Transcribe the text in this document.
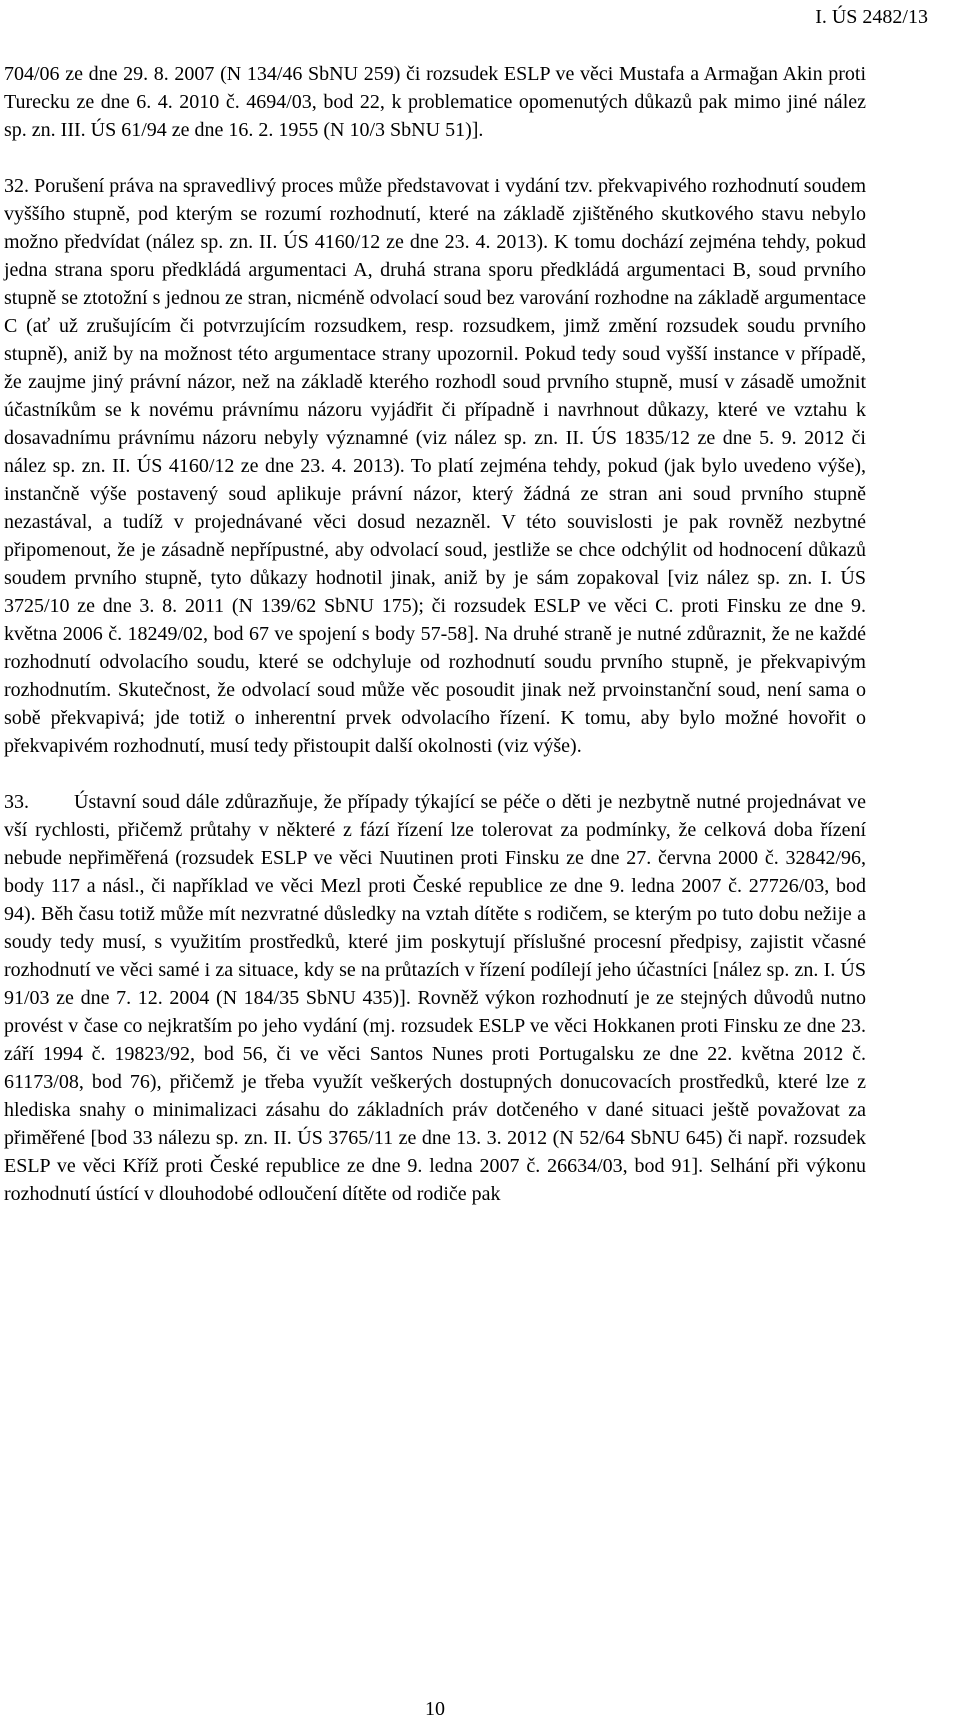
I. ÚS 2482/13

704/06 ze dne 29. 8. 2007 (N 134/46 SbNU 259) či rozsudek ESLP ve věci Mustafa a Armağan Akin proti Turecku ze dne 6. 4. 2010 č. 4694/03, bod 22, k problematice opomenutých důkazů pak mimo jiné nález sp. zn. III. ÚS 61/94 ze dne 16. 2. 1955 (N 10/3 SbNU 51)].

32. Porušení práva na spravedlivý proces může představovat i vydání tzv. překvapivého rozhodnutí soudem vyššího stupně, pod kterým se rozumí rozhodnutí, které na základě zjištěného skutkového stavu nebylo možno předvídat (nález sp. zn. II. ÚS 4160/12 ze dne 23. 4. 2013). K tomu dochází zejména tehdy, pokud jedna strana sporu předkládá argumentaci A, druhá strana sporu předkládá argumentaci B, soud prvního stupně se ztotožní s jednou ze stran, nicméně odvolací soud bez varování rozhodne na základě argumentace C (ať už zrušujícím či potvrzujícím rozsudkem, resp. rozsudkem, jimž změní rozsudek soudu prvního stupně), aniž by na možnost této argumentace strany upozornil. Pokud tedy soud vyšší instance v případě, že zaujme jiný právní názor, než na základě kterého rozhodl soud prvního stupně, musí v zásadě umožnit účastníkům se k novému právnímu názoru vyjádřit či případně i navrhnout důkazy, které ve vztahu k dosavadnímu právnímu názoru nebyly významné (viz nález sp. zn. II. ÚS 1835/12 ze dne 5. 9. 2012 či nález sp. zn. II. ÚS 4160/12 ze dne 23. 4. 2013). To platí zejména tehdy, pokud (jak bylo uvedeno výše), instančně výše postavený soud aplikuje právní názor, který žádná ze stran ani soud prvního stupně nezastával, a tudíž v projednávané věci dosud nezazněl. V této souvislosti je pak rovněž nezbytné připomenout, že je zásadně nepřípustné, aby odvolací soud, jestliže se chce odchýlit od hodnocení důkazů soudem prvního stupně, tyto důkazy hodnotil jinak, aniž by je sám zopakoval [viz nález sp. zn. I. ÚS 3725/10 ze dne 3. 8. 2011 (N 139/62 SbNU 175); či rozsudek ESLP ve věci C. proti Finsku ze dne 9. května 2006 č. 18249/02, bod 67 ve spojení s body 57-58]. Na druhé straně je nutné zdůraznit, že ne každé rozhodnutí odvolacího soudu, které se odchyluje od rozhodnutí soudu prvního stupně, je překvapivým rozhodnutím. Skutečnost, že odvolací soud může věc posoudit jinak než prvoinstanční soud, není sama o sobě překvapivá; jde totiž o inherentní prvek odvolacího řízení. K tomu, aby bylo možné hovořit o překvapivém rozhodnutí, musí tedy přistoupit další okolnosti (viz výše).

33. Ústavní soud dále zdůrazňuje, že případy týkající se péče o děti je nezbytně nutné projednávat ve vší rychlosti, přičemž průtahy v některé z fází řízení lze tolerovat za podmínky, že celková doba řízení nebude nepřiměřená (rozsudek ESLP ve věci Nuutinen proti Finsku ze dne 27. června 2000 č. 32842/96, body 117 a násl., či například ve věci Mezl proti České republice ze dne 9. ledna 2007 č. 27726/03, bod 94). Běh času totiž může mít nezvratné důsledky na vztah dítěte s rodičem, se kterým po tuto dobu nežije a soudy tedy musí, s využitím prostředků, které jim poskytují příslušné procesní předpisy, zajistit včasné rozhodnutí ve věci samé i za situace, kdy se na průtazích v řízení podílejí jeho účastníci [nález sp. zn. I. ÚS 91/03 ze dne 7. 12. 2004 (N 184/35 SbNU 435)]. Rovněž výkon rozhodnutí je ze stejných důvodů nutno provést v čase co nejkratším po jeho vydání (mj. rozsudek ESLP ve věci Hokkanen proti Finsku ze dne 23. září 1994 č. 19823/92, bod 56, či ve věci Santos Nunes proti Portugalsku ze dne 22. května 2012 č. 61173/08, bod 76), přičemž je třeba využít veškerých dostupných donucovacích prostředků, které lze z hlediska snahy o minimalizaci zásahu do základních práv dotčeného v dané situaci ještě považovat za přiměřené [bod 33 nálezu sp. zn. II. ÚS 3765/11 ze dne 13. 3. 2012 (N 52/64 SbNU 645) či např. rozsudek ESLP ve věci Kříž proti České republice ze dne 9. ledna 2007 č. 26634/03, bod 91]. Selhání při výkonu rozhodnutí ústící v dlouhodobé odloučení dítěte od rodiče pak

10
